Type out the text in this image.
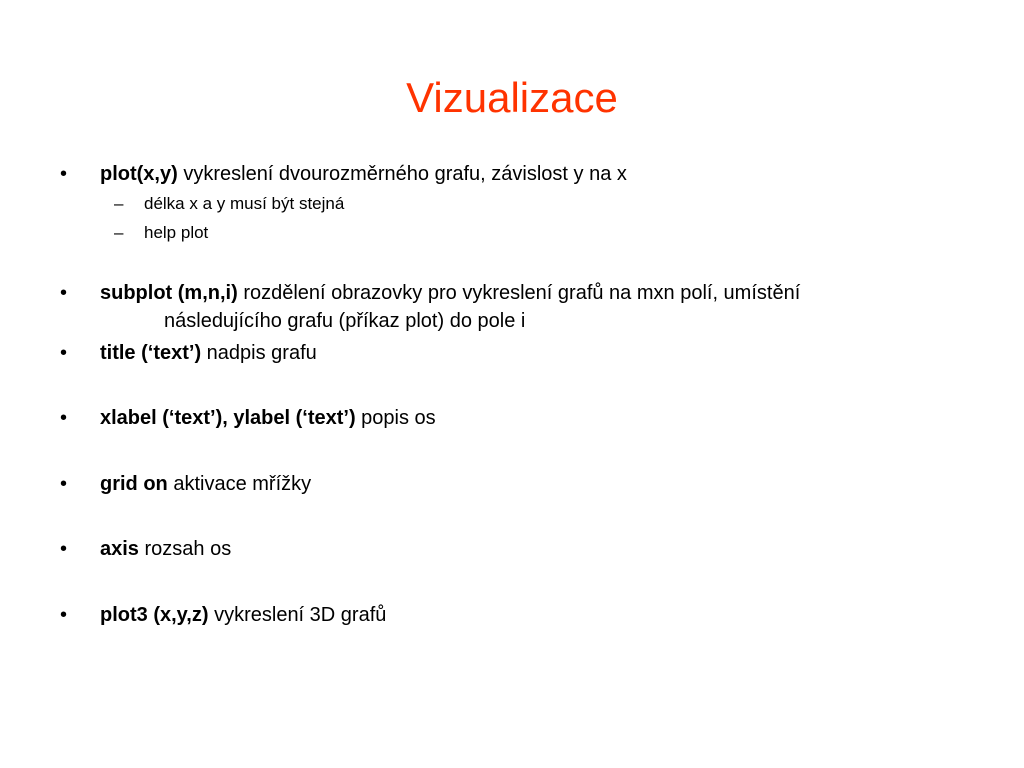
Vizualizace
•	plot(x,y) vykreslení dvourozměrného grafu, závislost y na x
– délka x a y musí být stejná
– help plot
•	subplot (m,n,i) rozdělení obrazovky pro vykreslení grafů na mxn polí, umístění
následujícího grafu (příkaz plot) do pole i
•	title (‘text’) nadpis grafu
•	xlabel (‘text’), ylabel (‘text’) popis os
•	grid on aktivace mřížky
•	axis rozsah os
•	plot3 (x,y,z) vykreslení 3D grafů
